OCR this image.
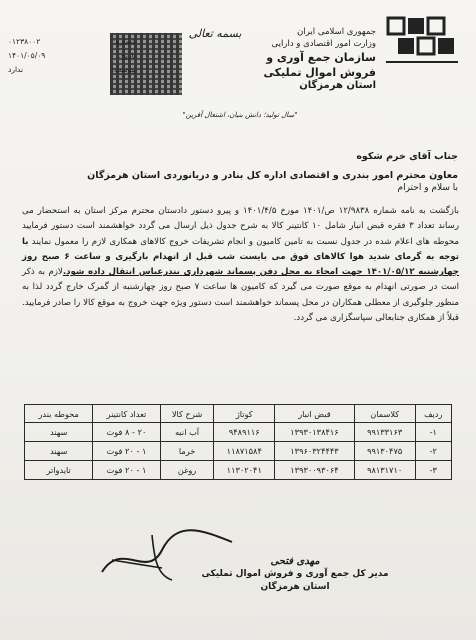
بسمه تعالی	جمهوری اسلامی ایران
وزارت امور اقتصادی و دارایی
سازمان جمع آوری و فروش اموال تملیکی
استان هرمزگان
شماره:
تاریخ:
پیوست:
۰۱۲۳۸۰۰۲
۱۴۰۱/۰۵/۰۹
ندارد
"سال تولید؛ دانش بنیان، اشتغال آفرین"
جناب آقای خرم شکوه
معاون محترم امور بندری و اقتصادی اداره کل بنادر و دریانوردی استان هرمزگان
با سلام و احترام
بازگشت به نامه شماره ۱۲/۹۸۳۸ ص/۱۴۰۱ مورخ ۱۴۰۱/۴/۵ و پیرو دستور دادستان محترم مرکز استان به استحضار می رساند تعداد ۳ فقره قبض انبار شامل ۱۰ کانتینر کالا به شرح جدول ذیل ارسال می گردد خواهشمند است دستور فرمایید محوطه های اعلام شده در جدول نسبت به تامین کامیون و انجام تشریفات خروج کالاهای همکاری لازم را معمول نمایند با توجه به گرمای شدید هوا کالاهای فوق می بایست شب قبل از انهدام بارگیری و ساعت ۶ صبح روز چهارشنبه ۱۴۰۱/۰۵/۱۲ جهت امحاء به محل دفن پسماند شهرداری بندرعباس انتقال داده شود.لازم به ذکر است در صورتی انهدام به موقع صورت می گیرد که کامیون ها ساعت ۷ صبح روز چهارشنبه از گمرک خارج گردد لذا به منظور جلوگیری از معطلی همکاران در محل پسماند خواهشمند است دستور ویژه جهت خروج به موقع کالا را صادر فرمایید. قبلاً از همکاری جنابعالی سپاسگزاری می گردد.
ردیف	کلاسمان	قبض انبار	کوتاژ	شرح کالا	تعداد کانتینر	محوطه بندر
۱-	۹۹۱۳۳۱۶۳	۱۳۹۳۰۱۳۸۴۱۶	۹۴۸۹۱۱۶	آب انبه	۲۰ - ۸ فوت	سهند
۲-	۹۹۱۳۰۴۷۵	۱۳۹۶۰۳۲۴۴۴۳	۱۱۸۷۱۵۸۴	خرما	۱ - ۲۰ فوت	سهند
۳-	۹۸۱۳۱۷۱۰	۱۳۹۳۰۰۹۳۰۶۴	۱۱۳۰۲۰۴۱	روغن	۱ - ۲۰ فوت	تایدواتر
مهدی فتحی
مدیر کل جمع آوری و فروش اموال تملیکی
استان هرمزگان
